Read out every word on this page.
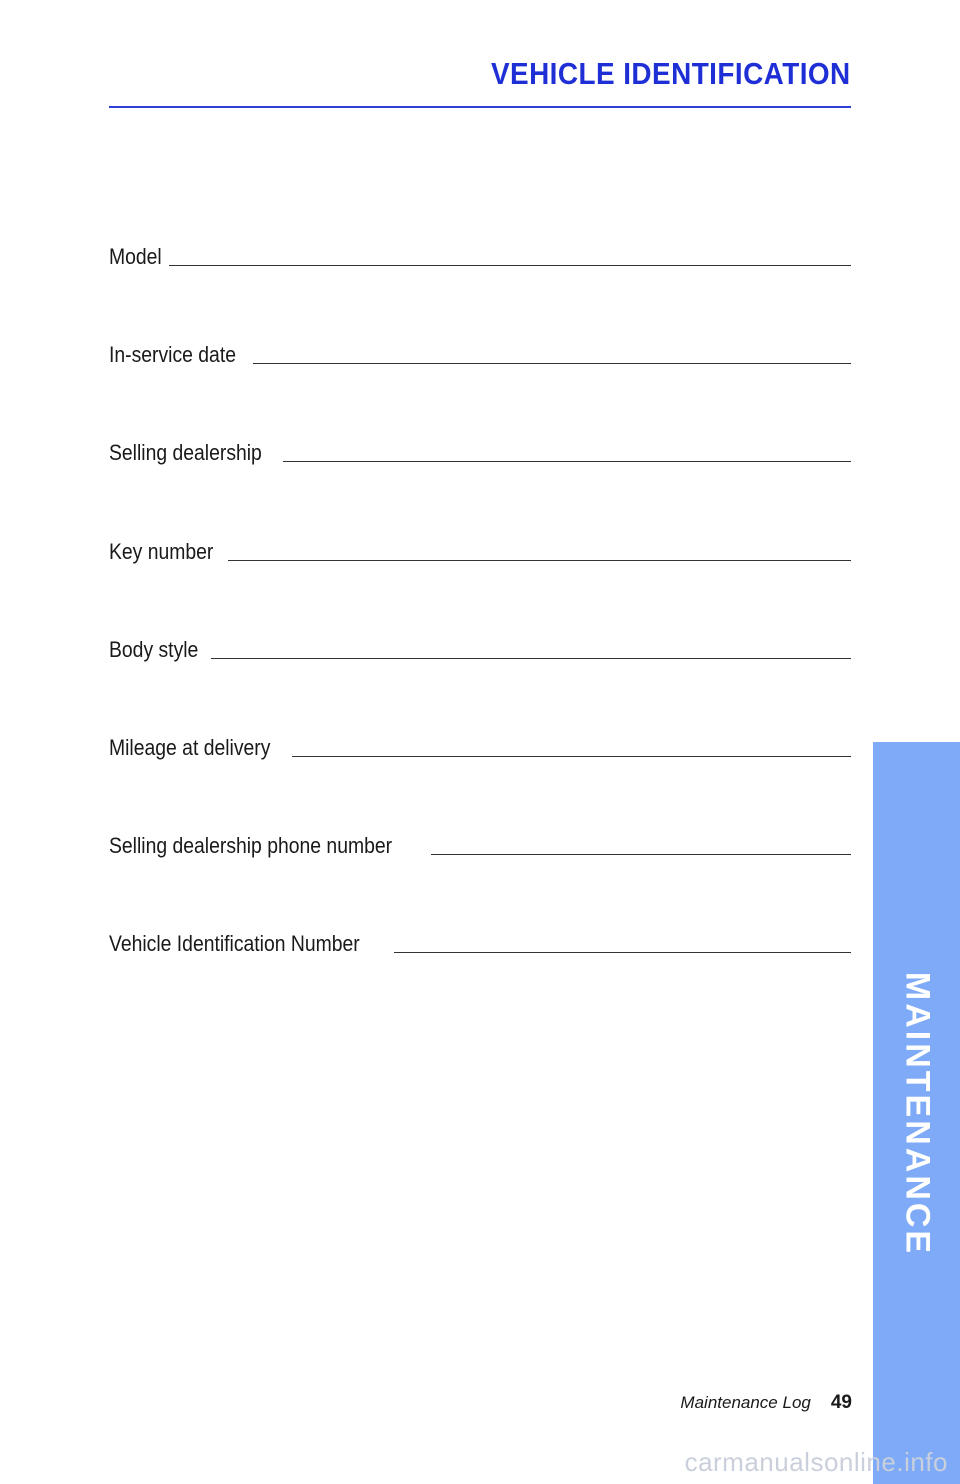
VEHICLE IDENTIFICATION
Model
In-service date
Selling dealership
Key number
Body style
Mileage at delivery
Selling dealership phone number
Vehicle Identification Number
MAINTENANCE
Maintenance Log 49
carmanualsonline.info
